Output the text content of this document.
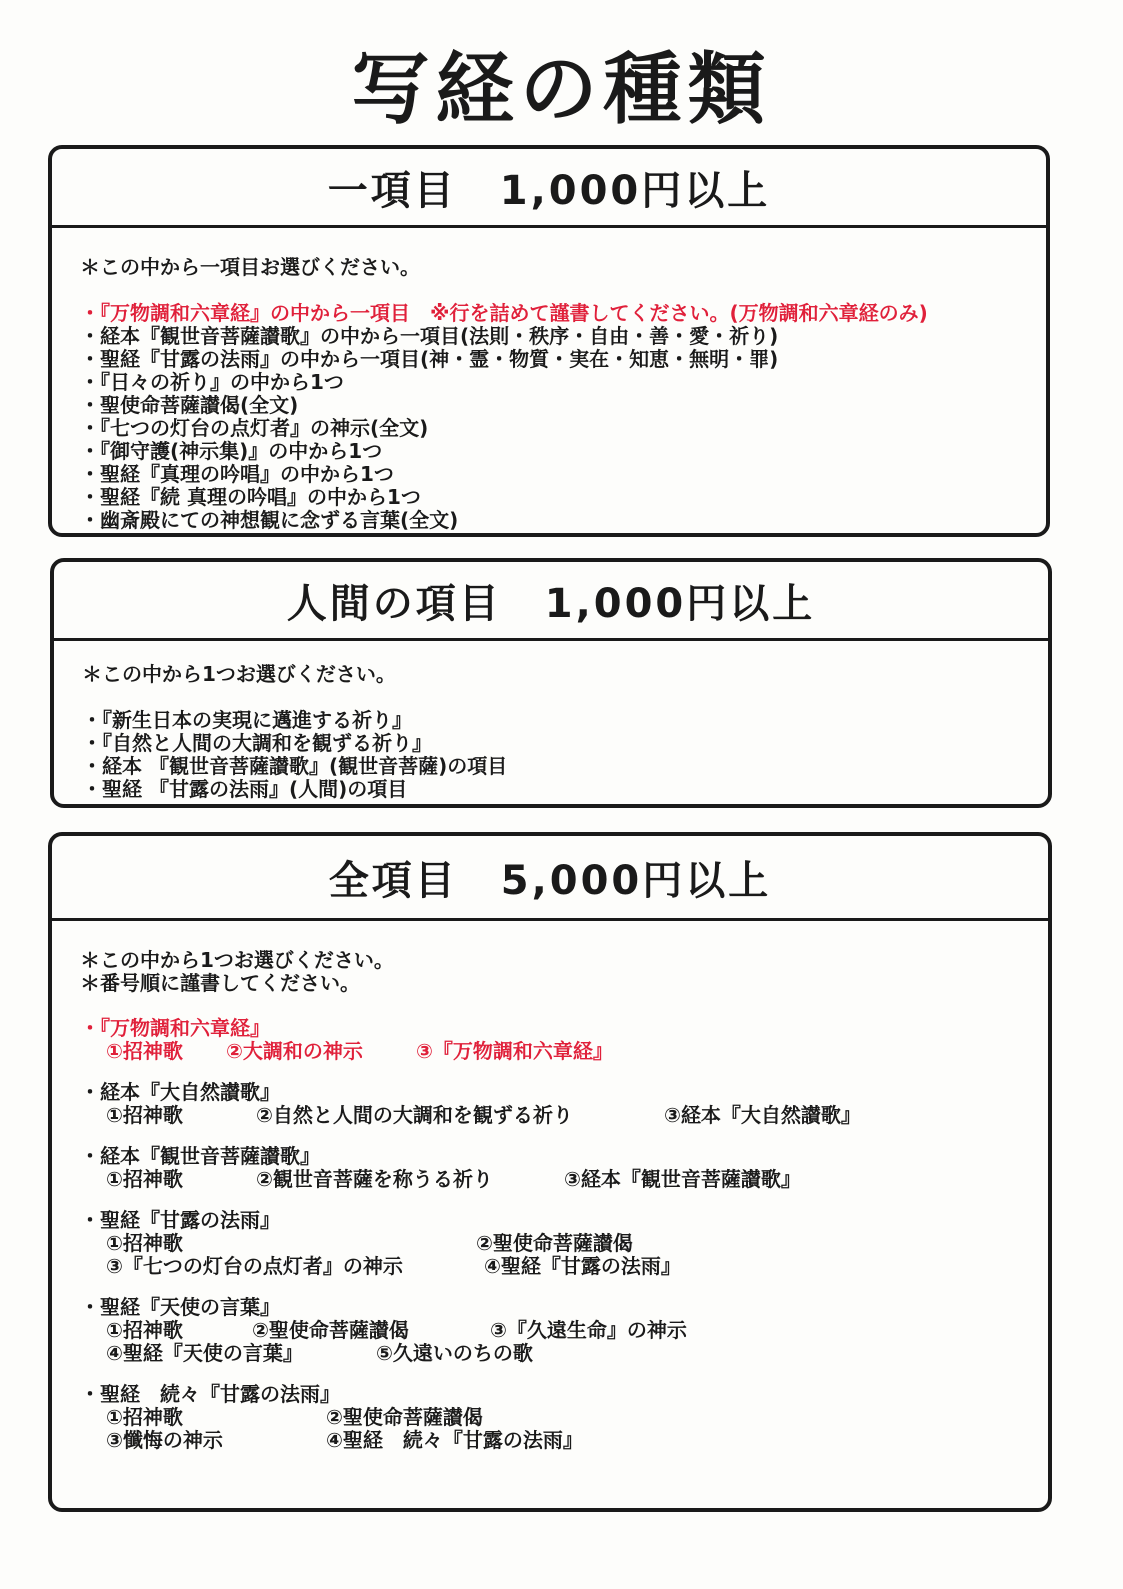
写経の種類
一項目　1,000円以上

＊この中から一項目お選びください。

・『万物調和六章経』の中から一項目　※行を詰めて謹書してください。(万物調和六章経のみ)

・経本『観世音菩薩讃歌』の中から一項目(法則・秩序・自由・善・愛・祈り)

・聖経『甘露の法雨』の中から一項目(神・霊・物質・実在・知恵・無明・罪)

・『日々の祈り』の中から1つ

・聖使命菩薩讃偈(全文)

・『七つの灯台の点灯者』の神示(全文)

・『御守護(神示集)』の中から1つ

・聖経『真理の吟唱』の中から1つ

・聖経『続 真理の吟唱』の中から1つ

・幽斎殿にての神想観に念ずる言葉(全文)

人間の項目　1,000円以上

＊この中から1つお選びください。

・『新生日本の実現に邁進する祈り』

・『自然と人間の大調和を観ずる祈り』

・経本 『観世音菩薩讃歌』(観世音菩薩)の項目

・聖経 『甘露の法雨』(人間)の項目

全項目　5,000円以上

＊この中から1つお選びください。

＊番号順に謹書してください。

・『万物調和六章経』

①招神歌	②大調和の神示	③『万物調和六章経』

・経本『大自然讃歌』

①招神歌	②自然と人間の大調和を観ずる祈り	③経本『大自然讃歌』

・経本『観世音菩薩讃歌』

①招神歌	②観世音菩薩を称うる祈り	③経本『観世音菩薩讃歌』

・聖経『甘露の法雨』

①招神歌	②聖使命菩薩讃偈
③『七つの灯台の点灯者』の神示	④聖経『甘露の法雨』

・聖経『天使の言葉』

①招神歌	②聖使命菩薩讃偈	③『久遠生命』の神示
④聖経『天使の言葉』	⑤久遠いのちの歌

・聖経　続々『甘露の法雨』

①招神歌	②聖使命菩薩讃偈
③懺悔の神示	④聖経　続々『甘露の法雨』
